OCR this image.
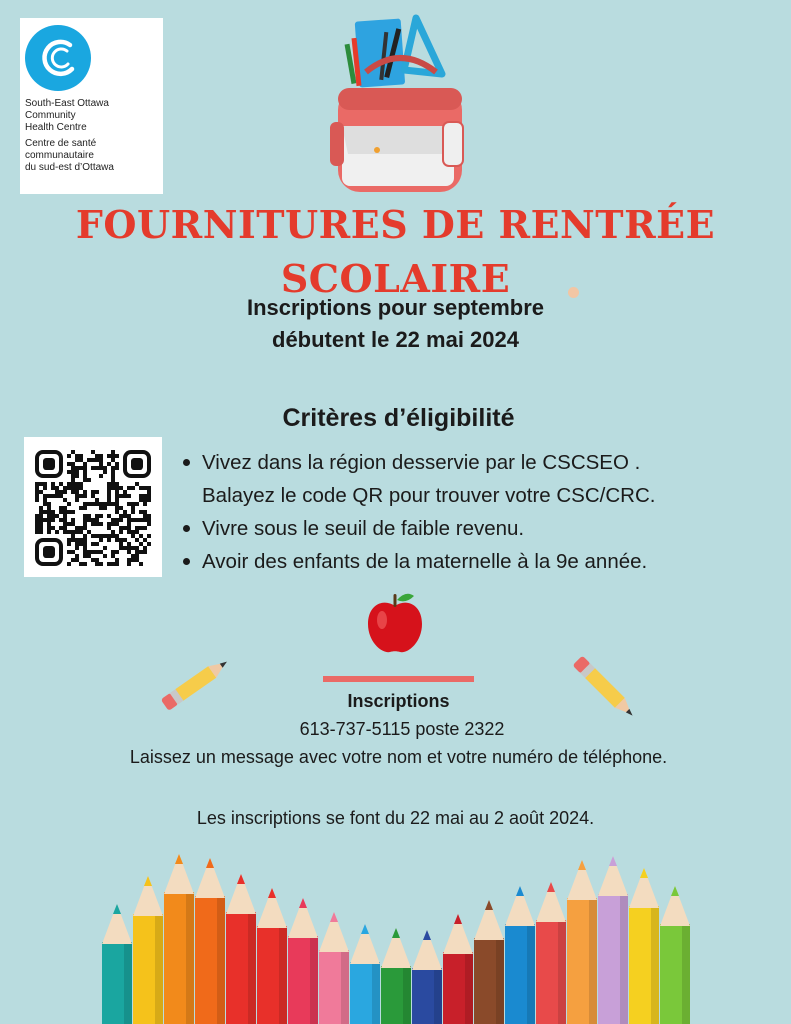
South-East Ottawa
Community
Health Centre
Centre de santé
communautaire
du sud-est d’Ottawa
FOURNITURES DE RENTRÉE
SCOLAIRE
Inscriptions pour septembre
débutent le 22 mai 2024
Critères d’éligibilité
Vivez dans la région desservie par le CSCSEO .
Balayez le code QR pour trouver votre CSC/CRC.
Vivre sous le seuil de faible revenu.
Avoir des enfants de la maternelle à la 9e année.
Inscriptions
613-737-5115 poste 2322
Laissez un message avec votre nom et votre numéro de téléphone.
Les inscriptions se font du 22 mai au 2 août 2024.
